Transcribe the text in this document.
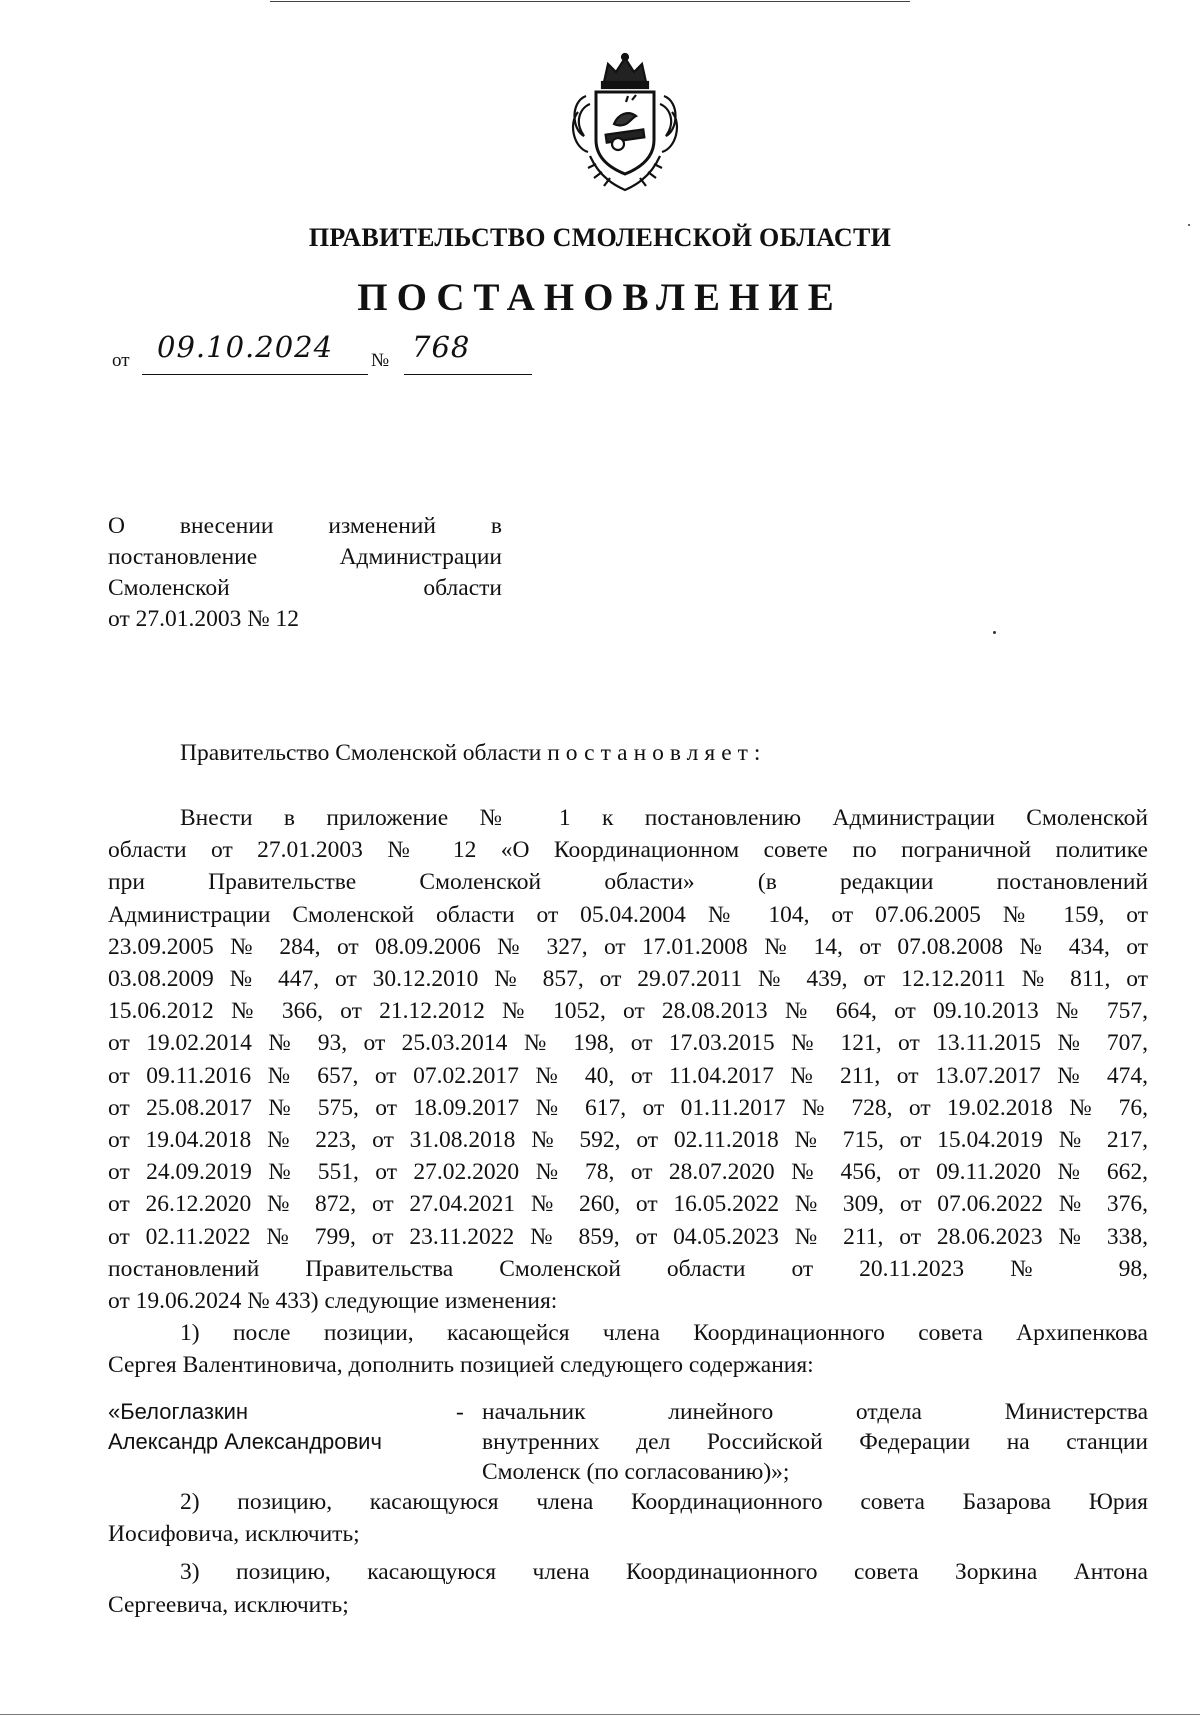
ПРАВИТЕЛЬСТВО СМОЛЕНСКОЙ ОБЛАСТИ
ПОСТАНОВЛЕНИЕ
от 09.10.2024 № 768
О внесении изменений в
постановление Администрации
Смоленской области
от 27.01.2003 № 12
Правительство Смоленской области постановляет:
Внести в приложение № 1 к постановлению Администрации Смоленской
области от 27.01.2003 № 12 «О Координационном совете по пограничной политике
при Правительстве Смоленской области» (в редакции постановлений
Администрации Смоленской области от 05.04.2004 № 104, от 07.06.2005 № 159, от
23.09.2005 № 284, от 08.09.2006 № 327, от 17.01.2008 № 14, от 07.08.2008 № 434, от
03.08.2009 № 447, от 30.12.2010 № 857, от 29.07.2011 № 439, от 12.12.2011 № 811, от
15.06.2012 № 366, от 21.12.2012 № 1052, от 28.08.2013 № 664, от 09.10.2013 № 757,
от 19.02.2014 № 93, от 25.03.2014 № 198, от 17.03.2015 № 121, от 13.11.2015 № 707,
от 09.11.2016 № 657, от 07.02.2017 № 40, от 11.04.2017 № 211, от 13.07.2017 № 474,
от 25.08.2017 № 575, от 18.09.2017 № 617, от 01.11.2017 № 728, от 19.02.2018 № 76,
от 19.04.2018 № 223, от 31.08.2018 № 592, от 02.11.2018 № 715, от 15.04.2019 № 217,
от 24.09.2019 № 551, от 27.02.2020 № 78, от 28.07.2020 № 456, от 09.11.2020 № 662,
от 26.12.2020 № 872, от 27.04.2021 № 260, от 16.05.2022 № 309, от 07.06.2022 № 376,
от 02.11.2022 № 799, от 23.11.2022 № 859, от 04.05.2023 № 211, от 28.06.2023 № 338,
постановлений Правительства Смоленской области от 20.11.2023 № 98,
от 19.06.2024 № 433) следующие изменения:
1) после позиции, касающейся члена Координационного совета Архипенкова
Сергея Валентиновича, дополнить позицией следующего содержания:
«Белоглазкин
Александр Александрович
- начальник линейного отдела Министерства
внутренних дел Российской Федерации на станции
Смоленск (по согласованию)»;
2) позицию, касающуюся члена Координационного совета Базарова Юрия
Иосифовича, исключить;
3) позицию, касающуюся члена Координационного совета Зоркина Антона
Сергеевича, исключить;
